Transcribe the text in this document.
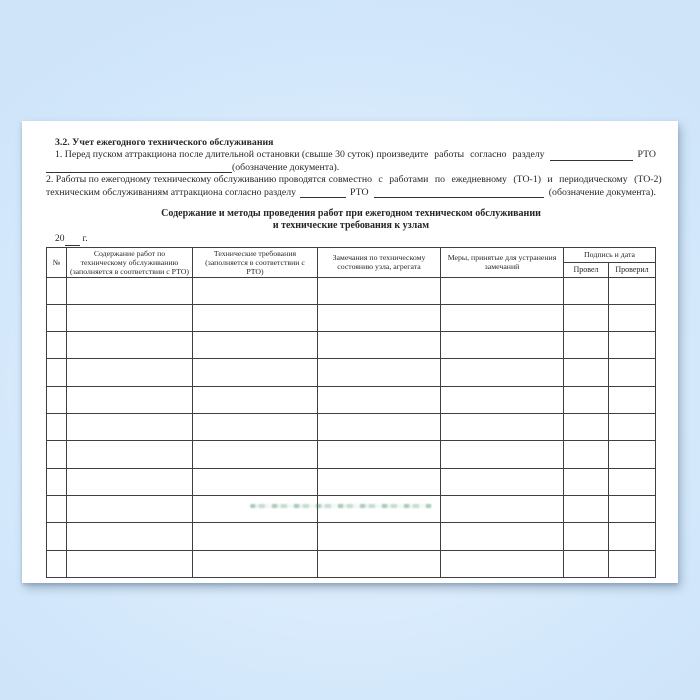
3.2. Учет ежегодного технического обслуживания
1. Перед пуском аттракциона после длительной остановки (свыше 30 суток) произведите работы согласно разделу	РТО
(обозначение документа).
2. Работы по ежегодному техническому обслуживанию проводятся совместно с работами по ежедневному (ТО-1) и периодическому (ТО-2)
техническим обслуживаниям аттракциона согласно разделу	РТО	(обозначение документа).
Содержание и методы проведения работ при ежегодном техническом обслуживании
и технические требования к узлам
20 г.
№	Содержание работ по техническому обслуживанию (заполняется в соответствии с РТО)	Технические требования (заполняется в соответствии с РТО)	Замечания по техническому состоянию узла, агрегата	Меры, принятые для устранения замечаний	Подпись и дата	
					Провел	Проверил
